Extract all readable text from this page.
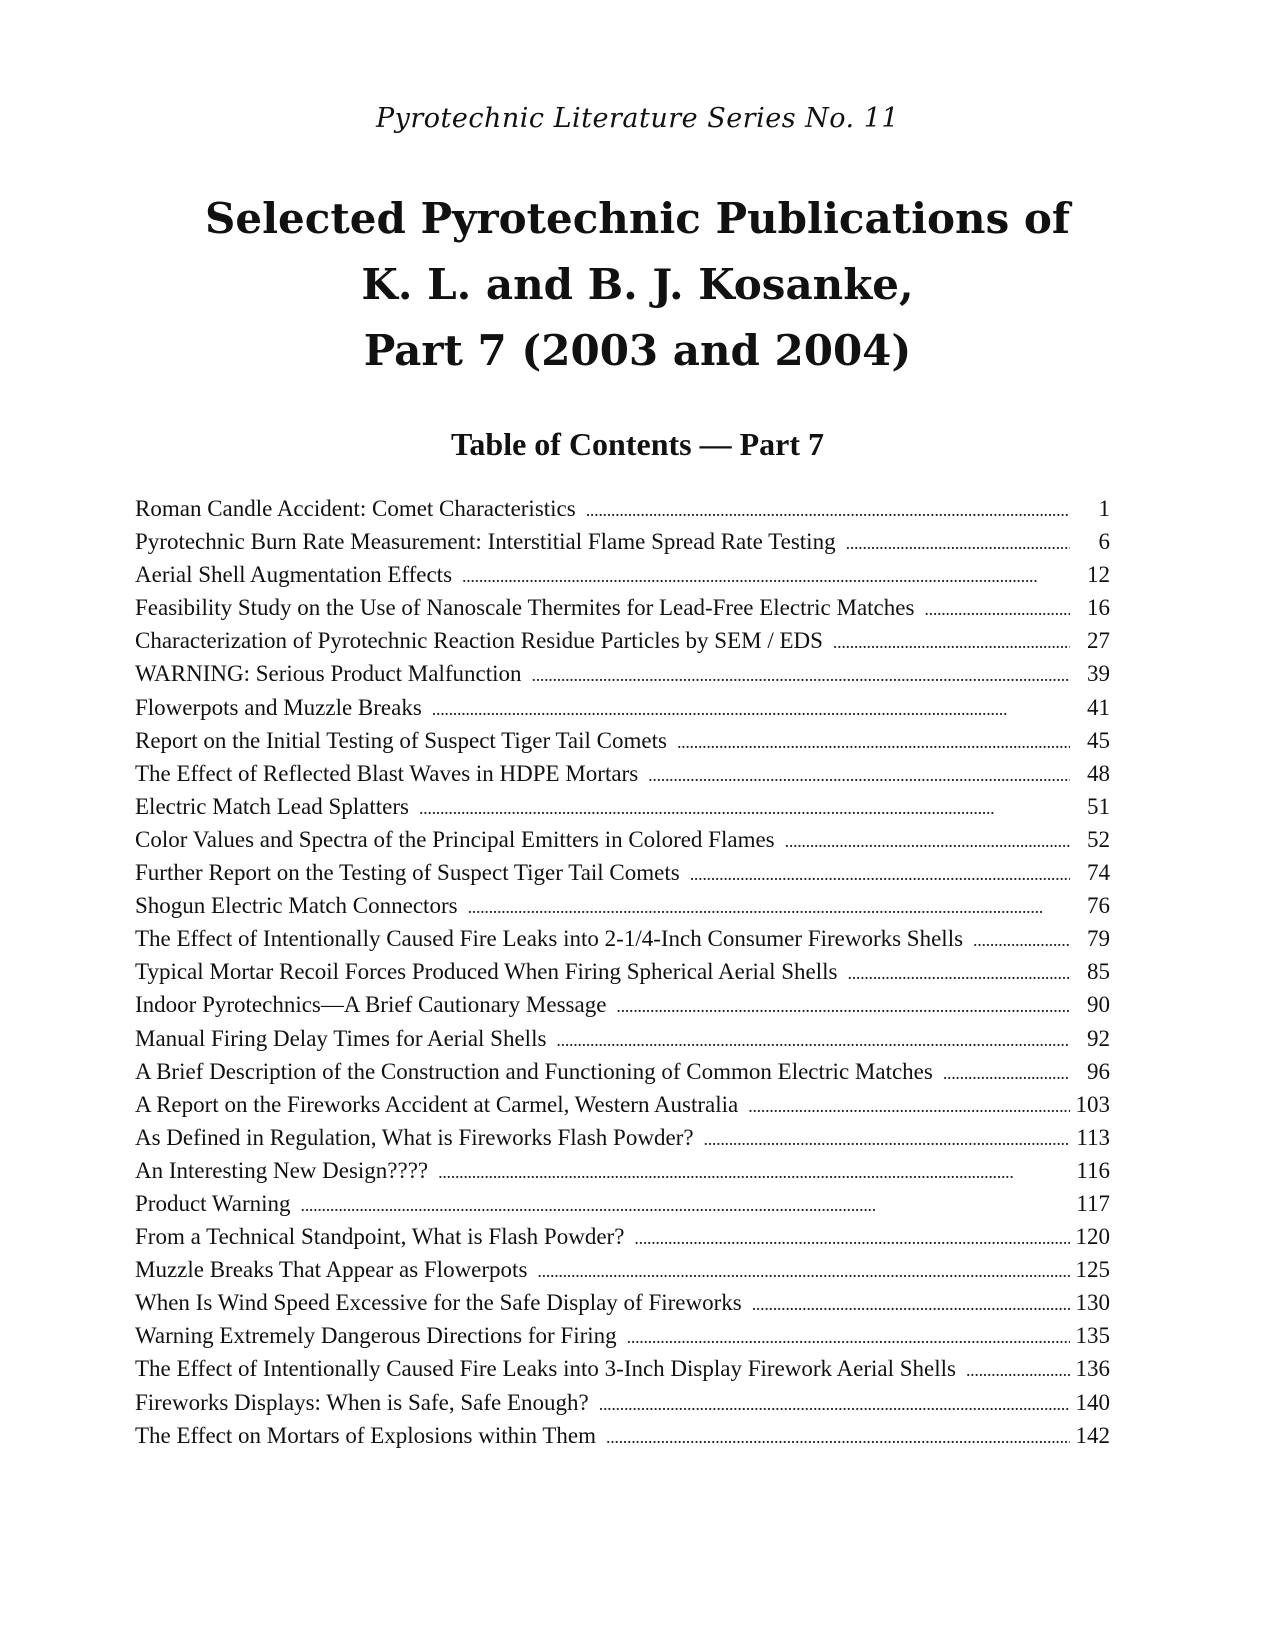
Pyrotechnic Literature Series No. 11
Selected Pyrotechnic Publications of
K. L. and B. J. Kosanke,
Part 7 (2003 and 2004)
Table of Contents — Part 7
Roman Candle Accident: Comet Characteristics . . .	1
Pyrotechnic Burn Rate Measurement: Interstitial Flame Spread Rate Testing . . .	6
Aerial Shell Augmentation Effects . . .	12
Feasibility Study on the Use of Nanoscale Thermites for Lead-Free Electric Matches . . .	16
Characterization of Pyrotechnic Reaction Residue Particles by SEM / EDS . . .	27
WARNING: Serious Product Malfunction . . .	39
Flowerpots and Muzzle Breaks . . .	41
Report on the Initial Testing of Suspect Tiger Tail Comets . . .	45
The Effect of Reflected Blast Waves in HDPE Mortars . . .	48
Electric Match Lead Splatters . . .	51
Color Values and Spectra of the Principal Emitters in Colored Flames . . .	52
Further Report on the Testing of Suspect Tiger Tail Comets . . .	74
Shogun Electric Match Connectors . . .	76
The Effect of Intentionally Caused Fire Leaks into 2-1/4-Inch Consumer Fireworks Shells . . .	79
Typical Mortar Recoil Forces Produced When Firing Spherical Aerial Shells . . .	85
Indoor Pyrotechnics—A Brief Cautionary Message . . .	90
Manual Firing Delay Times for Aerial Shells . . .	92
A Brief Description of the Construction and Functioning of Common Electric Matches . . .	96
A Report on the Fireworks Accident at Carmel, Western Australia . . .	103
As Defined in Regulation, What is Fireworks Flash Powder? . . .	113
An Interesting New Design???? . . .	116
Product Warning . . .	117
From a Technical Standpoint, What is Flash Powder? . . .	120
Muzzle Breaks That Appear as Flowerpots . . .	125
When Is Wind Speed Excessive for the Safe Display of Fireworks . . .	130
Warning Extremely Dangerous Directions for Firing . . .	135
The Effect of Intentionally Caused Fire Leaks into 3-Inch Display Firework Aerial Shells . . .	136
Fireworks Displays: When is Safe, Safe Enough? . . .	140
The Effect on Mortars of Explosions within Them . . .	142
